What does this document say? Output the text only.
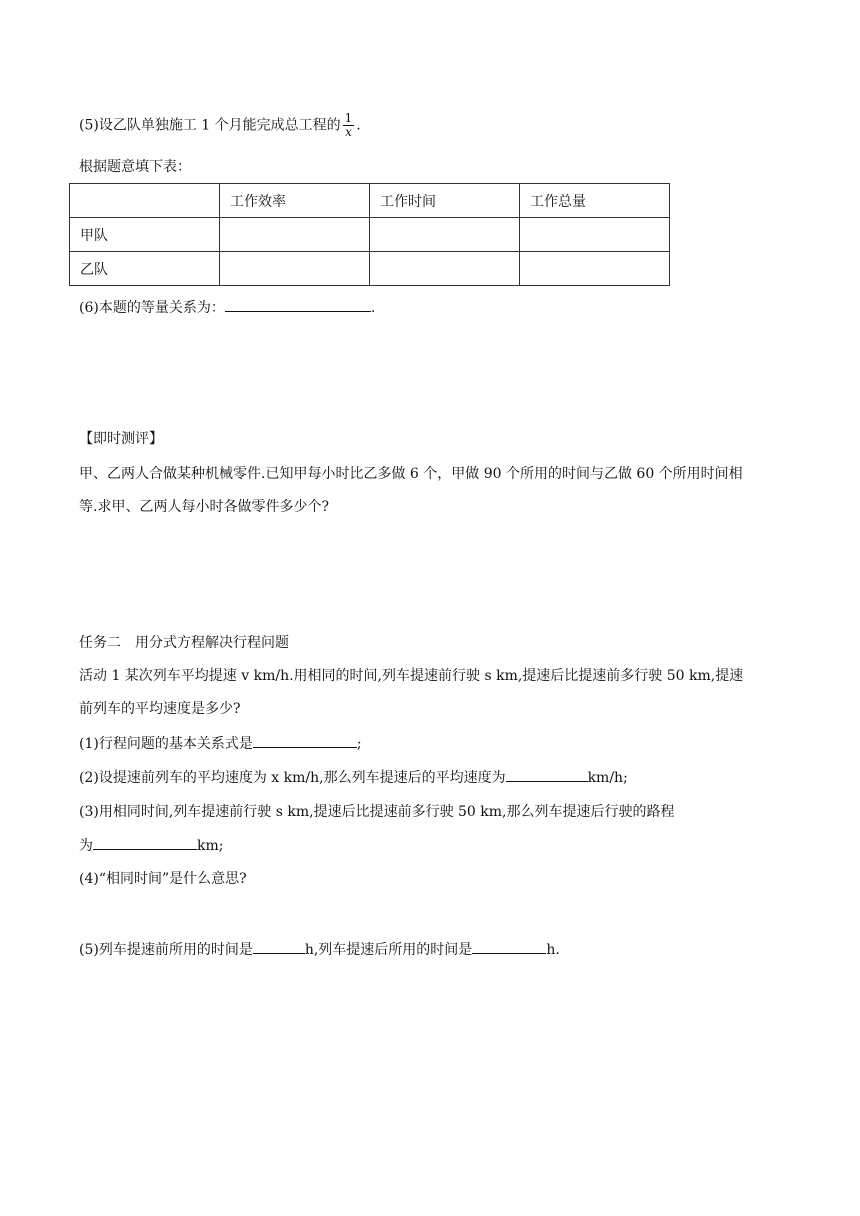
(5)设乙队单独施工 1 个月能完成总工程的 $\frac{1}{x}$ .
根据题意填下表：
	工作效率	工作时间	工作总量
甲队			
乙队			
(6)本题的等量关系为：	.
【即时测评】
甲、乙两人合做某种机械零件.已知甲每小时比乙多做 6 个，甲做 90 个所用的时间与乙做 60 个所用时间相
等.求甲、乙两人每小时各做零件多少个?
任务二　用分式方程解决行程问题
活动 1 某次列车平均提速 v km/h.用相同的时间,列车提速前行驶 s km,提速后比提速前多行驶 50 km,提速
前列车的平均速度是多少?
(1)行程问题的基本关系式是	;
(2)设提速前列车的平均速度为 x km/h,那么列车提速后的平均速度为	km/h;
(3)用相同时间,列车提速前行驶 s km,提速后比提速前多行驶 50 km,那么列车提速后行驶的路程
为	km;
(4)“相同时间”是什么意思?
(5)列车提速前所用的时间是	h,列车提速后所用的时间是	h.
